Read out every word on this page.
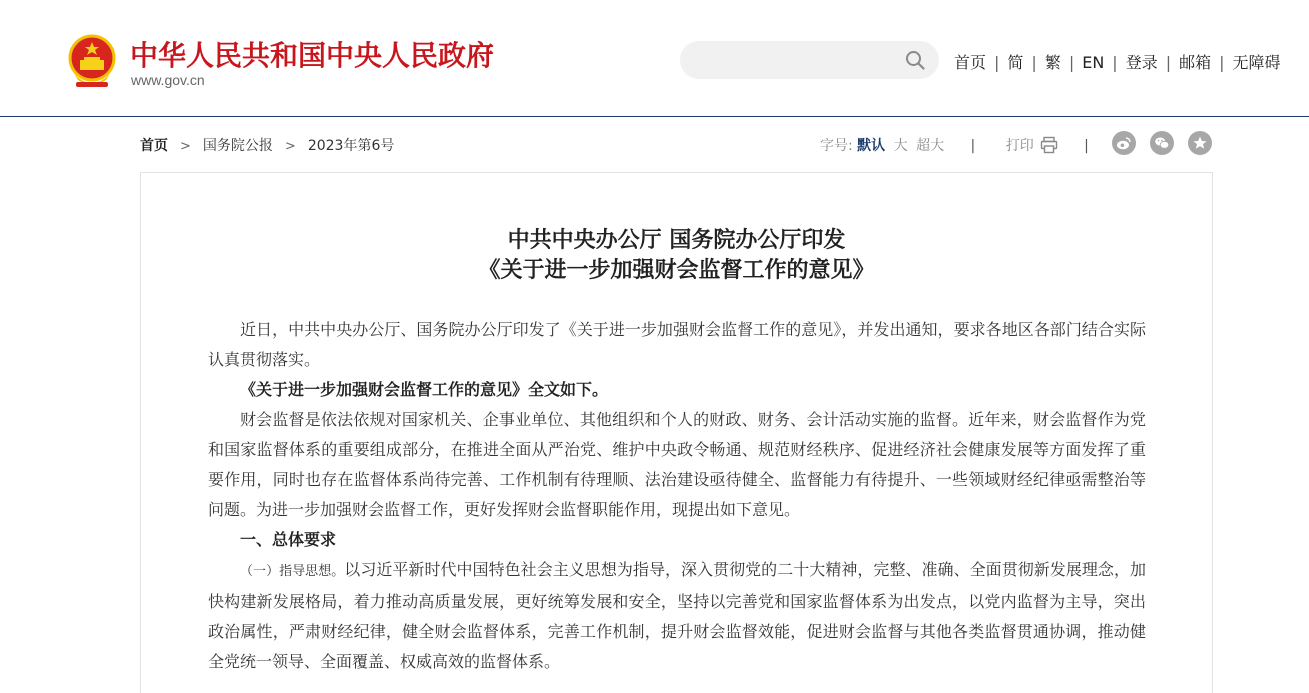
中华人民共和国中央人民政府
www.gov.cn
首页 | 简 | 繁 | EN | 登录 | 邮箱 | 无障碍
首页 > 国务院公报 > 2023年第6号	字号: 默认 大 超大 | 打印	|
中共中央办公厅 国务院办公厅印发
《关于进一步加强财会监督工作的意见》

近日，中共中央办公厅、国务院办公厅印发了《关于进一步加强财会监督工作的意见》，并发出通知，要求各地区各部门结合实际认真贯彻落实。

《关于进一步加强财会监督工作的意见》全文如下。

财会监督是依法依规对国家机关、企事业单位、其他组织和个人的财政、财务、会计活动实施的监督。近年来，财会监督作为党和国家监督体系的重要组成部分，在推进全面从严治党、维护中央政令畅通、规范财经秩序、促进经济社会健康发展等方面发挥了重要作用，同时也存在监督体系尚待完善、工作机制有待理顺、法治建设亟待健全、监督能力有待提升、一些领域财经纪律亟需整治等问题。为进一步加强财会监督工作，更好发挥财会监督职能作用，现提出如下意见。

一、总体要求

（一）指导思想。以习近平新时代中国特色社会主义思想为指导，深入贯彻党的二十大精神，完整、准确、全面贯彻新发展理念，加快构建新发展格局，着力推动高质量发展，更好统筹发展和安全，坚持以完善党和国家监督体系为出发点，以党内监督为主导，突出政治属性，严肃财经纪律，健全财会监督体系，完善工作机制，提升财会监督效能，促进财会监督与其他各类监督贯通协调，推动健全党统一领导、全面覆盖、权威高效的监督体系。
